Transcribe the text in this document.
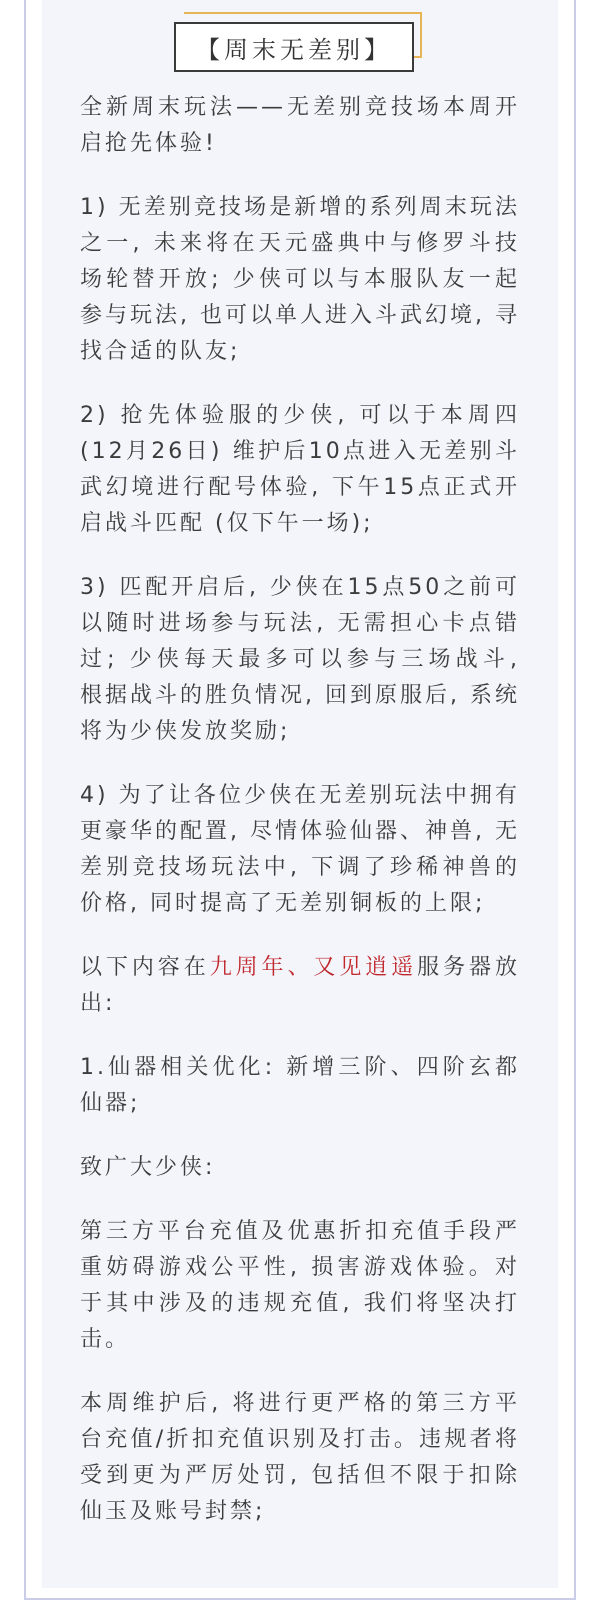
【周末无差别】

全新周末玩法——无差别竞技场本周开启抢先体验!

1) 无差别竞技场是新增的系列周末玩法之一, 未来将在天元盛典中与修罗斗技场轮替开放; 少侠可以与本服队友一起参与玩法, 也可以单人进入斗武幻境, 寻找合适的队友;

2) 抢先体验服的少侠, 可以于本周四 (12月26日) 维护后10点进入无差别斗武幻境进行配号体验, 下午15点正式开启战斗匹配 (仅下午一场);

3) 匹配开启后, 少侠在15点50之前可以随时进场参与玩法, 无需担心卡点错过; 少侠每天最多可以参与三场战斗, 根据战斗的胜负情况, 回到原服后, 系统将为少侠发放奖励;

4) 为了让各位少侠在无差别玩法中拥有更豪华的配置, 尽情体验仙器、神兽, 无差别竞技场玩法中, 下调了珍稀神兽的价格, 同时提高了无差别铜板的上限;

以下内容在九周年、又见逍遥服务器放出:

1.仙器相关优化: 新增三阶、四阶玄都仙器;

致广大少侠:

第三方平台充值及优惠折扣充值手段严重妨碍游戏公平性, 损害游戏体验。对于其中涉及的违规充值, 我们将坚决打击。

本周维护后, 将进行更严格的第三方平台充值/折扣充值识别及打击。违规者将受到更为严厉处罚, 包括但不限于扣除仙玉及账号封禁;
